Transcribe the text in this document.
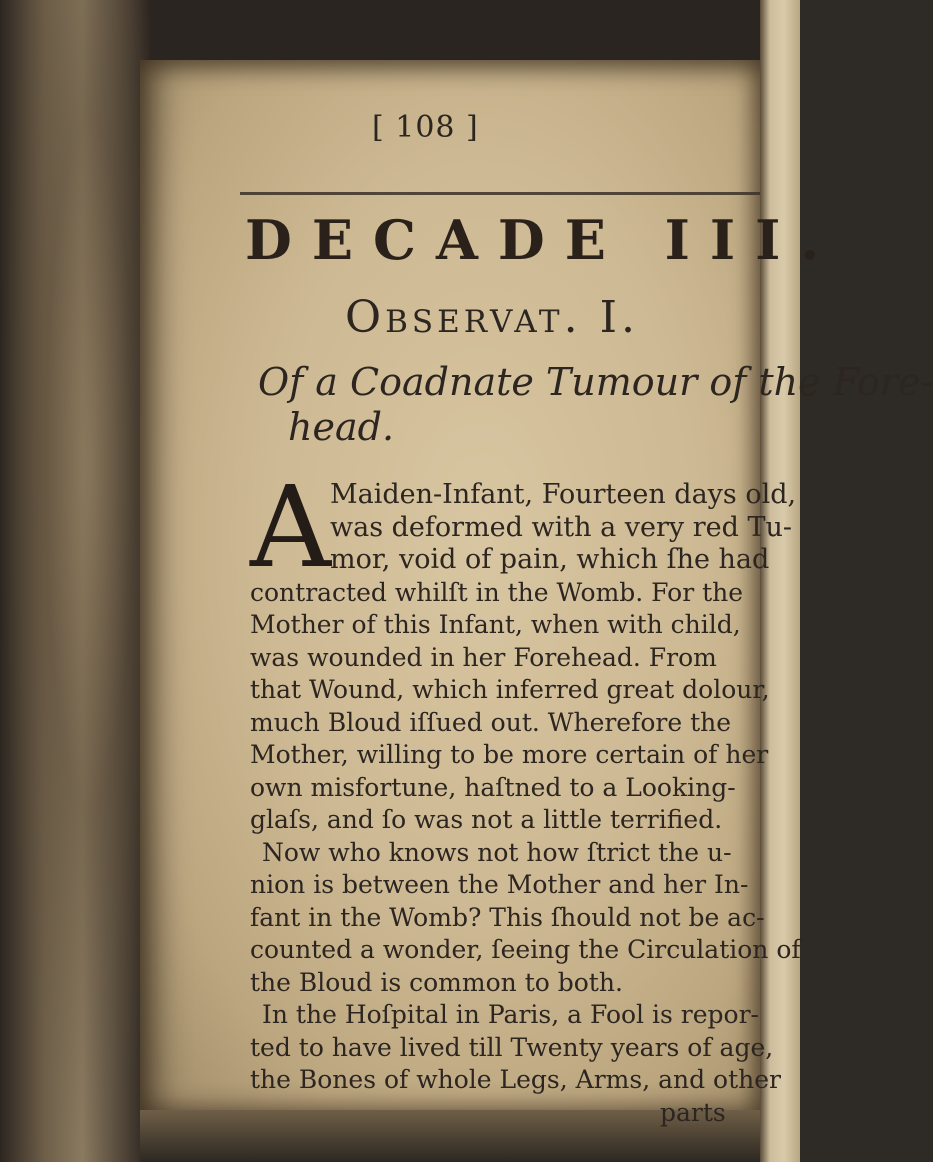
[ 108 ]
DECADE III.
Observat. I.
Of a Coadnate Tumour of the Fore-
head.
A Maiden-Infant, Fourteen days old,
was deformed with a very red Tu-
mor, void of pain, which ſhe had
contracted whilſt in the Womb. For the
Mother of this Infant, when with child,
was wounded in her Forehead. From
that Wound, which inferred great dolour,
much Bloud iſſued out. Wherefore the
Mother, willing to be more certain of her
own misfortune, haſtned to a Looking-
glaſs, and ſo was not a little terrified.
Now who knows not how ſtrict the u-
nion is between the Mother and her In-
fant in the Womb? This ſhould not be ac-
counted a wonder, ſeeing the Circulation of
the Bloud is common to both.
In the Hoſpital in Paris, a Fool is repor-
ted to have lived till Twenty years of age,
the Bones of whole Legs, Arms, and other
parts
